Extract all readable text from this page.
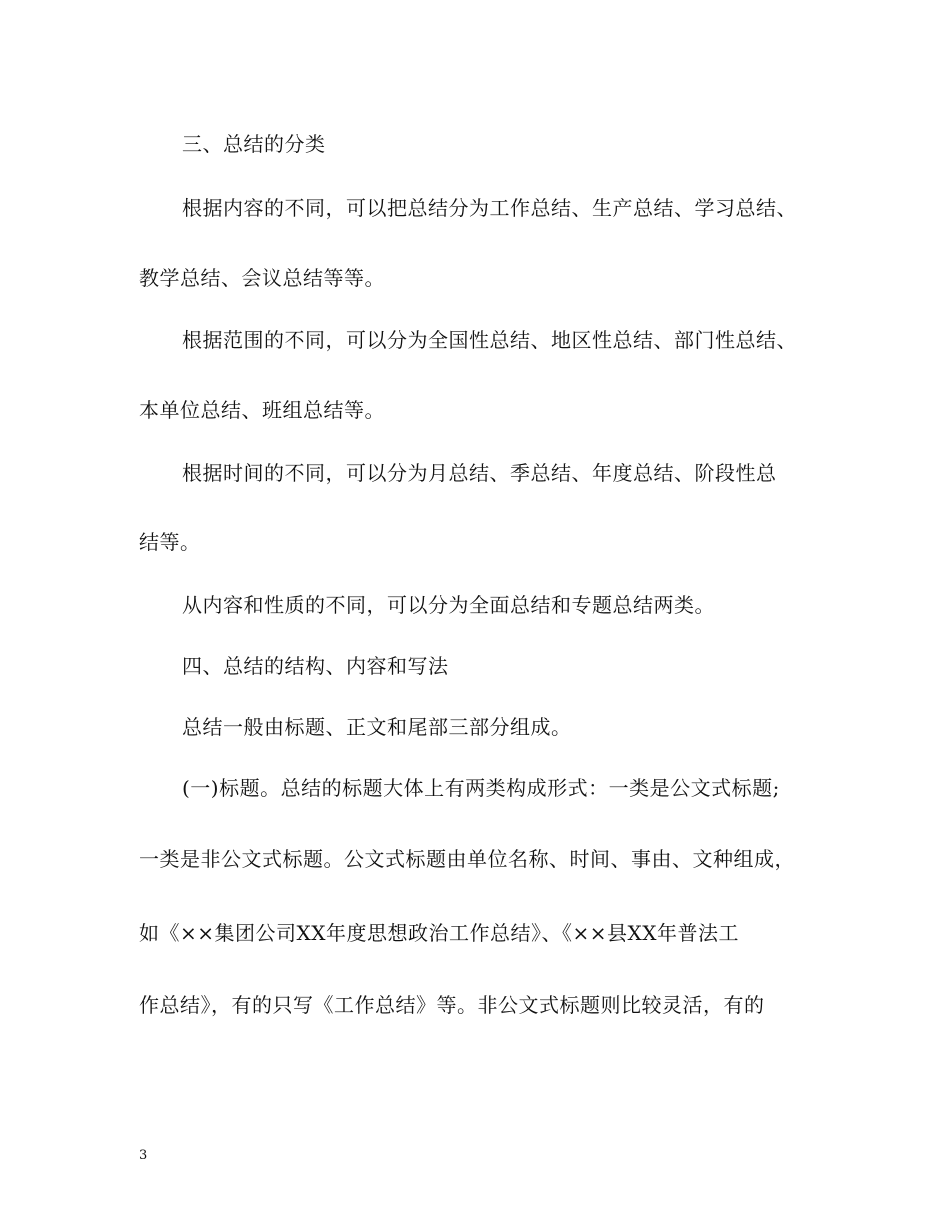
三、总结的分类
根据内容的不同，可以把总结分为工作总结、生产总结、学习总结、
教学总结、会议总结等等。
根据范围的不同，可以分为全国性总结、地区性总结、部门性总结、
本单位总结、班组总结等。
根据时间的不同，可以分为月总结、季总结、年度总结、阶段性总
结等。
从内容和性质的不同，可以分为全面总结和专题总结两类。
四、总结的结构、内容和写法
总结一般由标题、正文和尾部三部分组成。
(一)标题。总结的标题大体上有两类构成形式：一类是公文式标题;
一类是非公文式标题。公文式标题由单位名称、时间、事由、文种组成，
如《××集团公司XX年度思想政治工作总结》、《××县XX年普法工
作总结》，有的只写《工作总结》等。非公文式标题则比较灵活，有的
3
